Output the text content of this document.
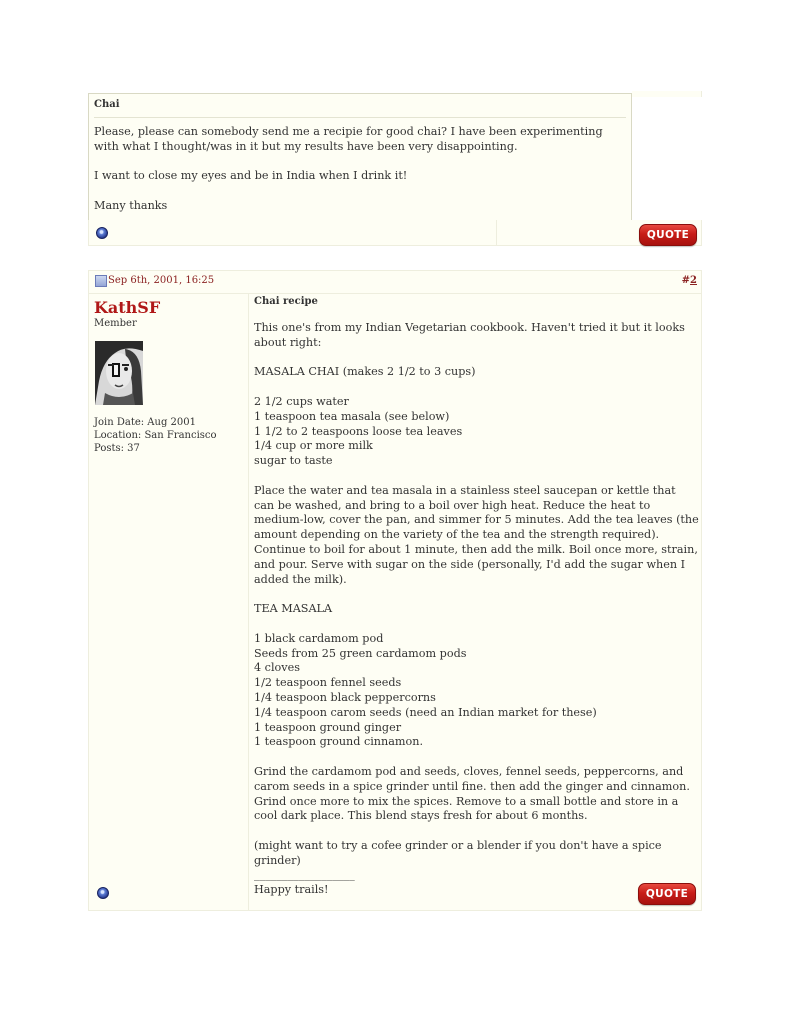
Chai

Please, please can somebody send me a recipie for good chai? I have been experimenting with what I thought/was in it but my results have been very disappointing.

I want to close my eyes and be in India when I drink it!

Many thanks

QUOTE
Sep 6th, 2001, 16:25	#2
KathSF
Member
Join Date: Aug 2001
Location: San Francisco
Posts: 37
Chai recipe

This one's from my Indian Vegetarian cookbook. Haven't tried it but it looks about right:

MASALA CHAI (makes 2 1/2 to 3 cups)

2 1/2 cups water

1 teaspoon tea masala (see below)

1 1/2 to 2 teaspoons loose tea leaves

1/4 cup or more milk

sugar to taste

Place the water and tea masala in a stainless steel saucepan or kettle that can be washed, and bring to a boil over high heat. Reduce the heat to medium-low, cover the pan, and simmer for 5 minutes. Add the tea leaves (the amount depending on the variety of the tea and the strength required). Continue to boil for about 1 minute, then add the milk. Boil once more, strain, and pour. Serve with sugar on the side (personally, I'd add the sugar when I added the milk).

TEA MASALA

1 black cardamom pod

Seeds from 25 green cardamom pods

4 cloves

1/2 teaspoon fennel seeds

1/4 teaspoon black peppercorns

1/4 teaspoon carom seeds (need an Indian market for these)

1 teaspoon ground ginger

1 teaspoon ground cinnamon.

Grind the cardamom pod and seeds, cloves, fennel seeds, peppercorns, and carom seeds in a spice grinder until fine. then add the ginger and cinnamon. Grind once more to mix the spices. Remove to a small bottle and store in a cool dark place. This blend stays fresh for about 6 months.

(might want to try a cofee grinder or a blender if you don't have a spice grinder)

__________________
Happy trails!	QUOTE
